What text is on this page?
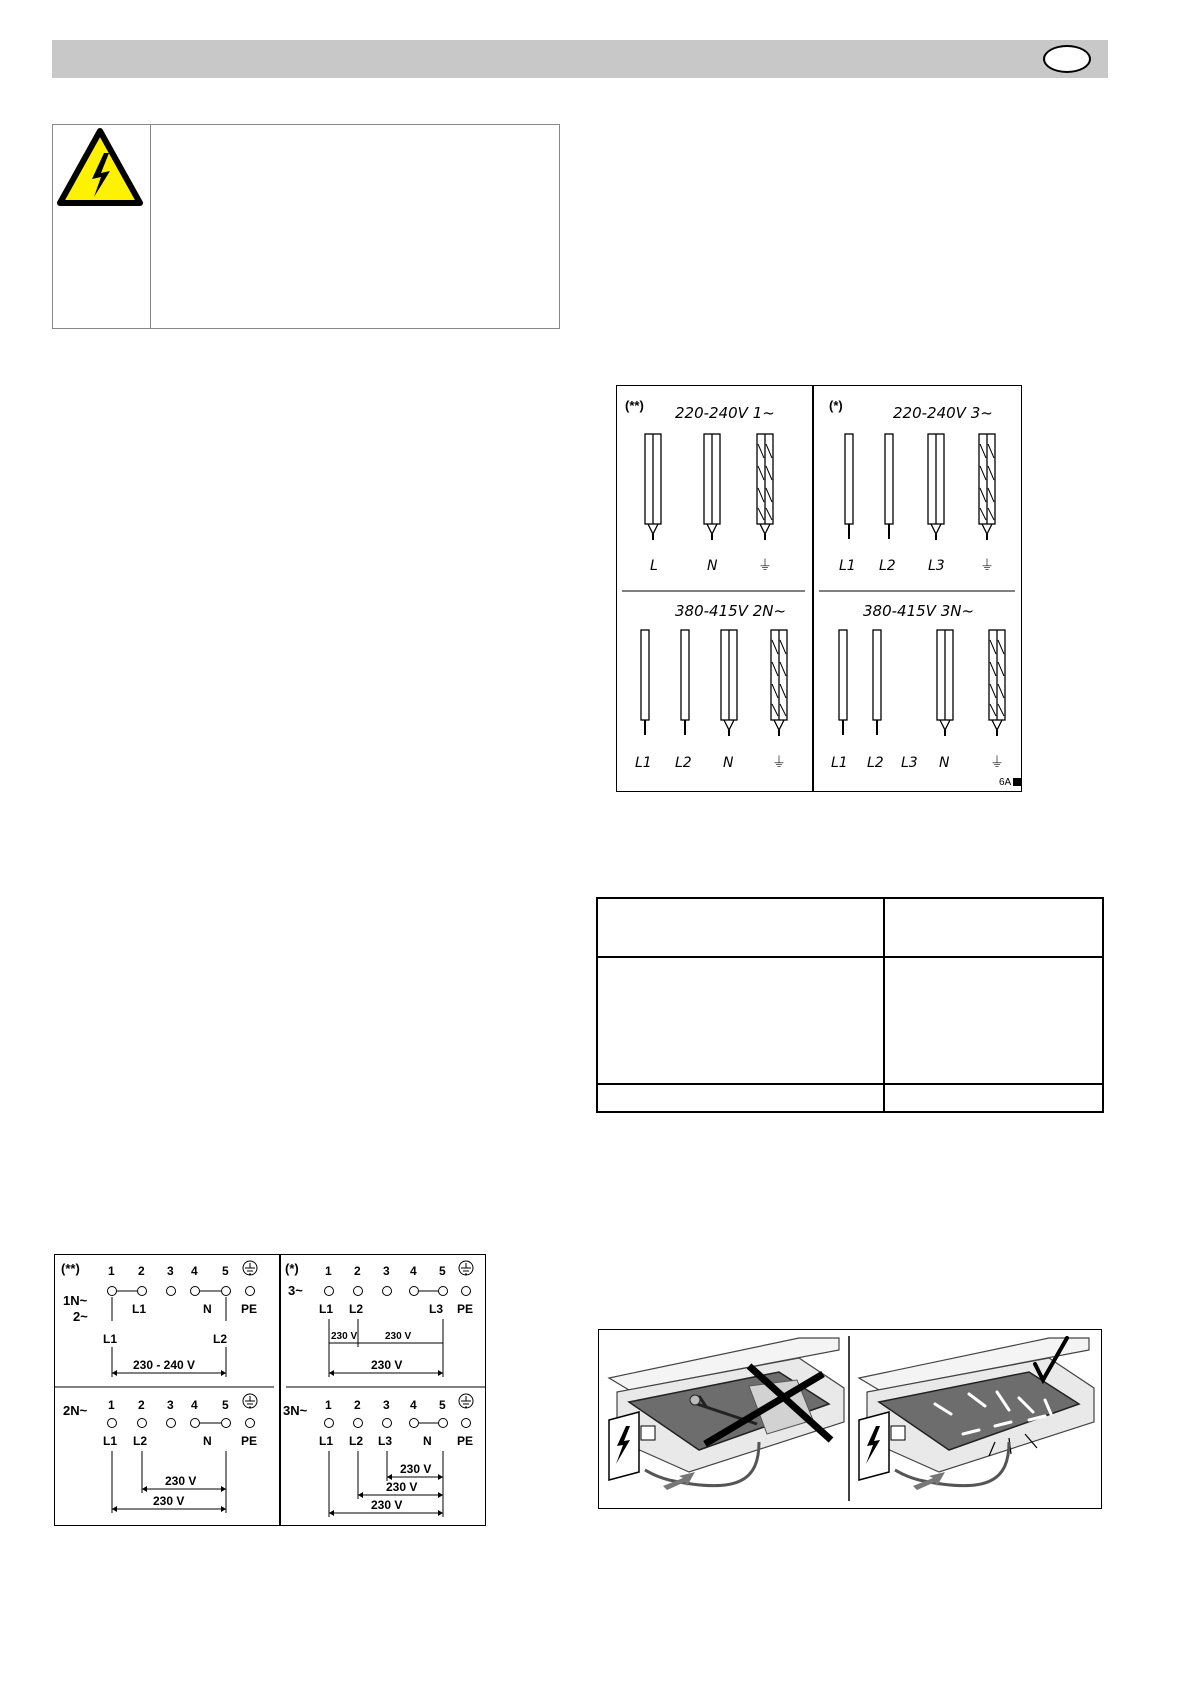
(**) 220-240V 1~
L	N	⏚
(*)	220-240V 3~
L1 L2 L3	⏚
380-415V 2N~
L1 L2 N	⏚
380-415V 3N~
L1 L2 L3 N	⏚
6A
(**) 1 2 3 4 5
1N~
2~	L1	N PE
L1	L2
230 - 240 V
(*) 1 2 3 4 5
3~
L1 L2	L3 PE
230 V	230 V
230 V
2N~ 1 2 3 4 5
L1 L2	N PE
230 V
230 V
3N~ 1 2 3 4 5
L1 L2 L3	N PE
230 V
230 V
230 V
